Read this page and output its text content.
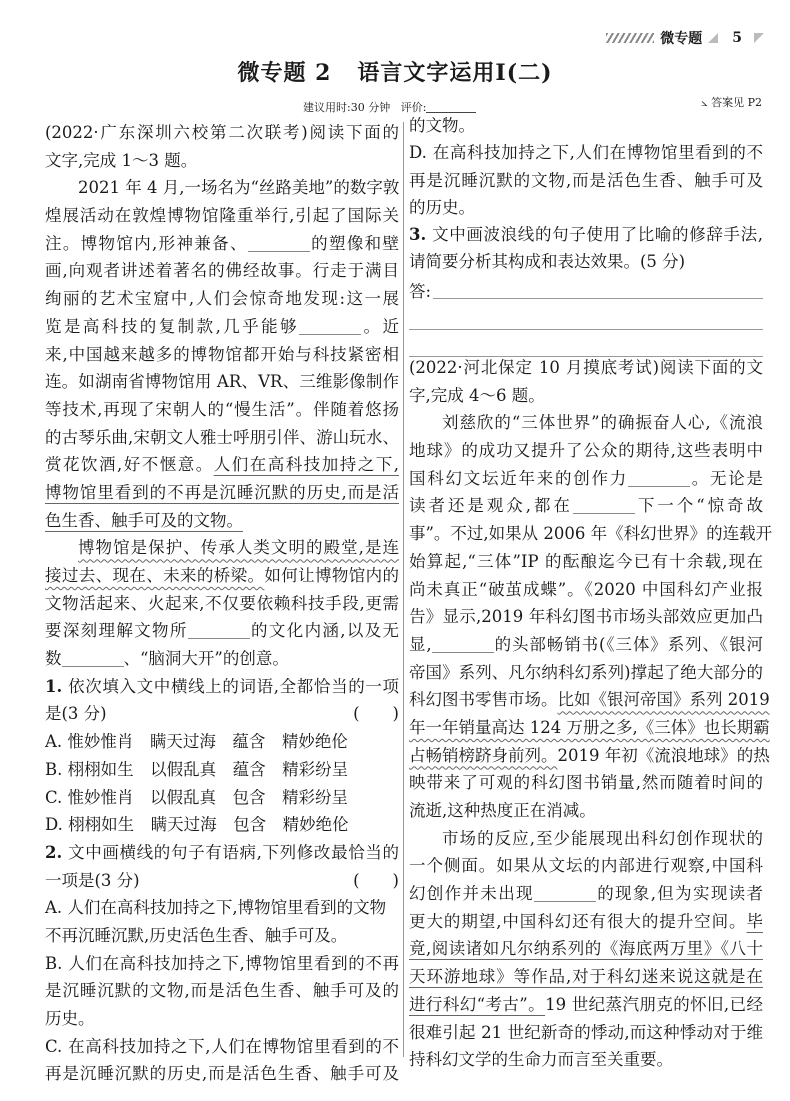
微专题 5
微专题 2 语言文字运用Ⅰ(二)
建议用时:30 分钟 评价:	⦣ 答案见 P2
(2022·广东深圳六校第二次联考)阅读下面的
文字,完成 1～3 题。
2021 年 4 月,一场名为“丝路美地”的数字敦
煌展活动在敦煌博物馆隆重举行,引起了国际关
注。博物馆内,形神兼备、	的塑像和壁
画,向观者讲述着著名的佛经故事。行走于满目
绚丽的艺术宝窟中,人们会惊奇地发现:这一展
览是高科技的复制款,几乎能够	。近
来,中国越来越多的博物馆都开始与科技紧密相
连。如湖南省博物馆用 AR、VR、三维影像制作
等技术,再现了宋朝人的“慢生活”。伴随着悠扬
的古琴乐曲,宋朝文人雅士呼朋引伴、游山玩水、
赏花饮酒,好不惬意。人们在高科技加持之下,
博物馆里看到的不再是沉睡沉默的历史,而是活
色生香、触手可及的文物。
博物馆是保护、传承人类文明的殿堂,是连
接过去、现在、未来的桥梁。如何让博物馆内的
文物活起来、火起来,不仅要依赖科技手段,更需
要深刻理解文物所	的文化内涵,以及无
数	、“脑洞大开”的创意。
1. 依次填入文中横线上的词语,全都恰当的一项
是(3 分)	(　　)
A. 惟妙惟肖　瞒天过海　蕴含　精妙绝伦
B. 栩栩如生　以假乱真　蕴含　精彩纷呈
C. 惟妙惟肖　以假乱真　包含　精彩纷呈
D. 栩栩如生　瞒天过海　包含　精妙绝伦
2. 文中画横线的句子有语病,下列修改最恰当的
一项是(3 分)	(　　)
A. 人们在高科技加持之下,博物馆里看到的文物
不再沉睡沉默,历史活色生香、触手可及。
B. 人们在高科技加持之下,博物馆里看到的不再
是沉睡沉默的文物,而是活色生香、触手可及的
历史。
C. 在高科技加持之下,人们在博物馆里看到的不
再是沉睡沉默的历史,而是活色生香、触手可及
的文物。
D. 在高科技加持之下,人们在博物馆里看到的不
再是沉睡沉默的文物,而是活色生香、触手可及
的历史。
3. 文中画波浪线的句子使用了比喻的修辞手法,
请简要分析其构成和表达效果。(5 分)
答:
(2022·河北保定 10 月摸底考试)阅读下面的文
字,完成 4～6 题。
刘慈欣的“三体世界”的确振奋人心,《流浪
地球》的成功又提升了公众的期待,这些表明中
国科幻文坛近年来的创作力	。无论是
读者还是观众,都在	下一个“惊奇故
事”。不过,如果从 2006 年《科幻世界》的连载开
始算起,“三体”IP 的酝酿迄今已有十余载,现在
尚未真正“破茧成蝶”。《2020 中国科幻产业报
告》显示,2019 年科幻图书市场头部效应更加凸
显,	的头部畅销书(《三体》系列、《银河
帝国》系列、凡尔纳科幻系列)撑起了绝大部分的
科幻图书零售市场。比如《银河帝国》系列 2019
年一年销量高达 124 万册之多,《三体》也长期霸
占畅销榜跻身前列。2019 年初《流浪地球》的热
映带来了可观的科幻图书销量,然而随着时间的
流逝,这种热度正在消减。
市场的反应,至少能展现出科幻创作现状的
一个侧面。如果从文坛的内部进行观察,中国科
幻创作并未出现	的现象,但为实现读者
更大的期望,中国科幻还有很大的提升空间。毕
竟,阅读诸如凡尔纳系列的《海底两万里》《八十
天环游地球》等作品,对于科幻迷来说这就是在
进行科幻“考古”。19 世纪蒸汽朋克的怀旧,已经
很难引起 21 世纪新奇的悸动,而这种悸动对于维
持科幻文学的生命力而言至关重要。
